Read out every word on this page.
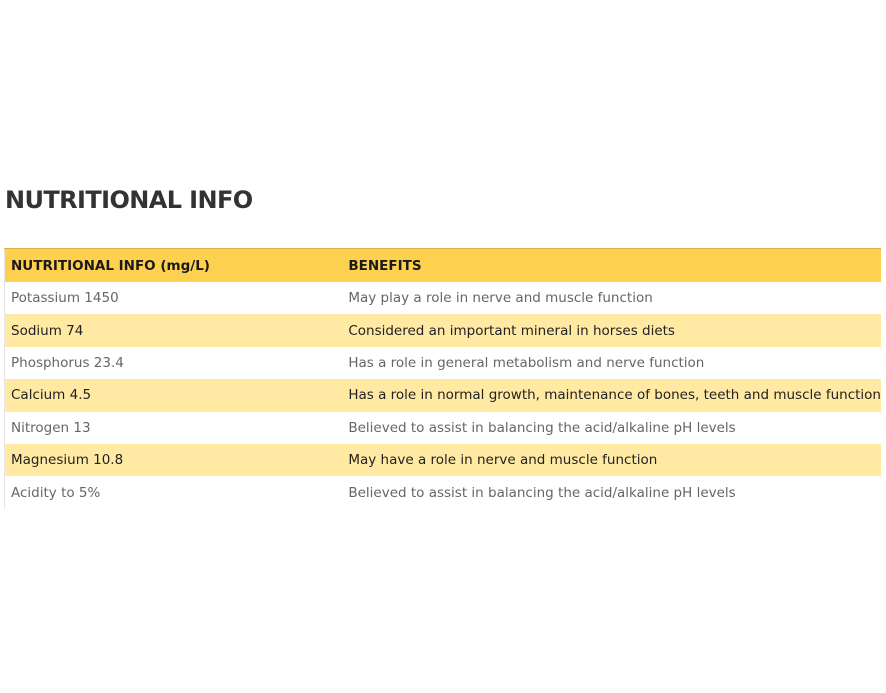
NUTRITIONAL INFO
NUTRITIONAL INFO (mg/L)	BENEFITS
Potassium 1450	May play a role in nerve and muscle function
Sodium 74	Considered an important mineral in horses diets
Phosphorus 23.4	Has a role in general metabolism and nerve function
Calcium 4.5	Has a role in normal growth, maintenance of bones, teeth and muscle function
Nitrogen 13	Believed to assist in balancing the acid/alkaline pH levels
Magnesium 10.8	May have a role in nerve and muscle function
Acidity to 5%	Believed to assist in balancing the acid/alkaline pH levels
